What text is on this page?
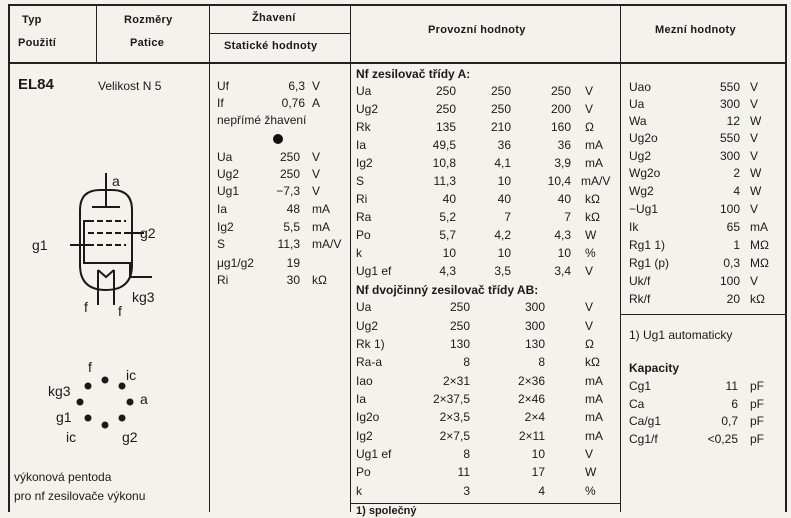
Typ
Použití
Rozměry
Patice
Žhavení
Statické hodnoty
Provozní hodnoty	Mezní hodnoty
EL84	Velikost N 5
a
g2
g1
f f
kg3
f ic
kg3	a
g1
ic	g2
výkonová pentoda
pro nf zesilovače výkonu
Uf	6,3 V
If	0,76 A
nepřímé žhavení
Ua	250 V
Ug2	250 V
Ug1	−7,3 V
Ia	48 mA
Ig2	5,5 mA
S	11,3 mA/V
μg1/g2	19
Ri	30 kΩ
Nf zesilovač třídy A:
Ua	250	250	250 V
Ug2	250	250	200 V
Rk	135	210	160 Ω
Ia	49,5	36	36 mA
Ig2	10,8	4,1	3,9 mA
S	11,3	10	10,4 mA/V
Ri	40	40	40 kΩ
Ra	5,2	7	7 kΩ
Po	5,7	4,2	4,3 W
k	10	10	10 %
Ug1 ef	4,3	3,5	3,4 V
Nf dvojčinný zesilovač třídy AB:
Ua	250	300	V
Ug2	250	300	V
Rk 1)	130	130	Ω
Ra-a	8	8	kΩ
Iao	2×31	2×36	mA
Ia	2×37,5	2×46	mA
Ig2o	2×3,5	2×4	mA
Ig2	2×7,5	2×11	mA
Ug1 ef	8	10	V
Po	11	17	W
k	3	4	%
1) společný
Uao	550 V
Ua	300 V
Wa	12 W
Ug2o	550 V
Ug2	300 V
Wg2o	2 W
Wg2	4 W
−Ug1	100 V
Ik	65 mA
Rg1 1)	1 MΩ
Rg1 (p)	0,3 MΩ
Uk/f	100 V
Rk/f	20 kΩ
1) Ug1 automaticky
Kapacity
Cg1	11 pF
Ca	6 pF
Ca/g1	0,7 pF
Cg1/f	<0,25 pF
